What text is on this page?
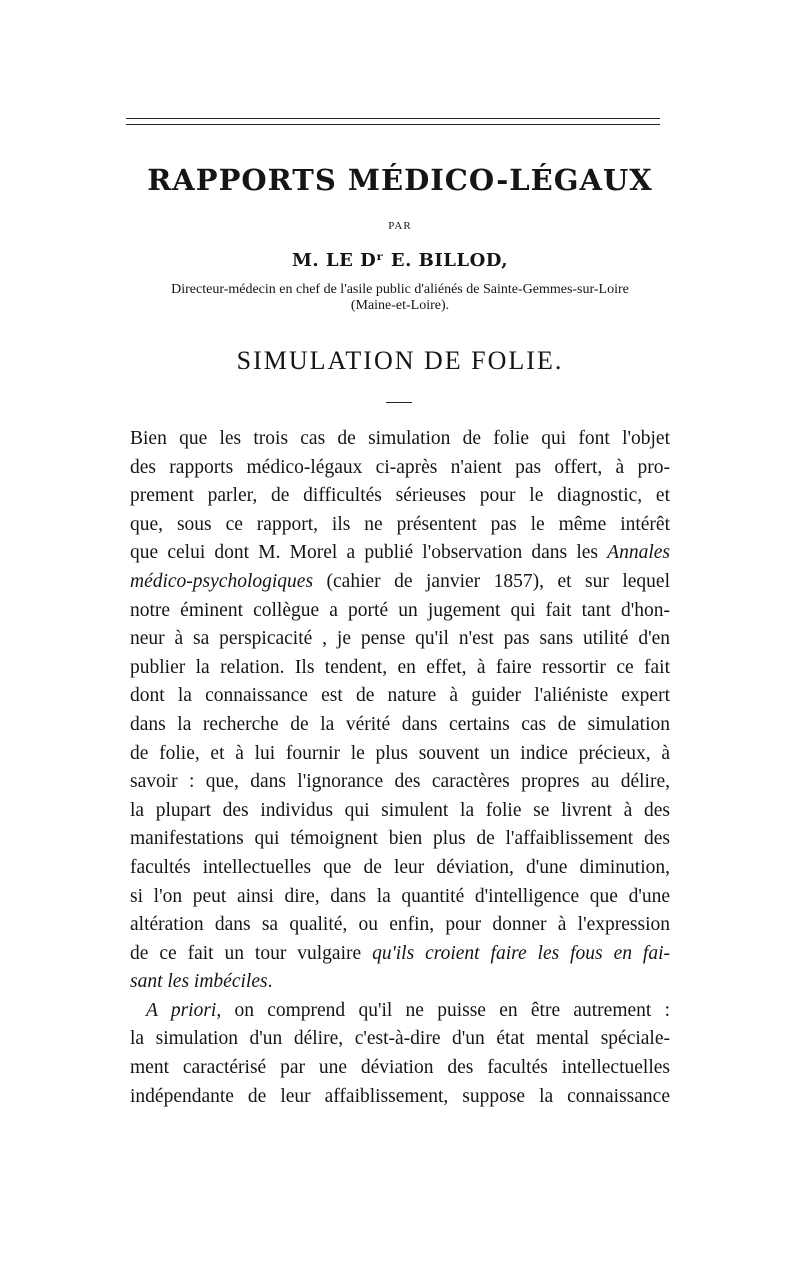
RAPPORTS MÉDICO-LÉGAUX
PAR
M. LE Dʳ E. BILLOD,
Directeur-médecin en chef de l'asile public d'aliénés de Sainte-Gemmes-sur-Loire
(Maine-et-Loire).
SIMULATION DE FOLIE.
Bien que les trois cas de simulation de folie qui font l'objet
des rapports médico-légaux ci-après n'aient pas offert, à pro-
prement parler, de difficultés sérieuses pour le diagnostic, et
que, sous ce rapport, ils ne présentent pas le même intérêt
que celui dont M. Morel a publié l'observation dans les Annales
médico-psychologiques (cahier de janvier 1857), et sur lequel
notre éminent collègue a porté un jugement qui fait tant d'hon-
neur à sa perspicacité , je pense qu'il n'est pas sans utilité d'en
publier la relation. Ils tendent, en effet, à faire ressortir ce fait
dont la connaissance est de nature à guider l'aliéniste expert
dans la recherche de la vérité dans certains cas de simulation
de folie, et à lui fournir le plus souvent un indice précieux, à
savoir : que, dans l'ignorance des caractères propres au délire,
la plupart des individus qui simulent la folie se livrent à des
manifestations qui témoignent bien plus de l'affaiblissement des
facultés intellectuelles que de leur déviation, d'une diminution,
si l'on peut ainsi dire, dans la quantité d'intelligence que d'une
altération dans sa qualité, ou enfin, pour donner à l'expression
de ce fait un tour vulgaire qu'ils croient faire les fous en fai-
sant les imbéciles.
A priori, on comprend qu'il ne puisse en être autrement :
la simulation d'un délire, c'est-à-dire d'un état mental spéciale-
ment caractérisé par une déviation des facultés intellectuelles
indépendante de leur affaiblissement, suppose la connaissance
